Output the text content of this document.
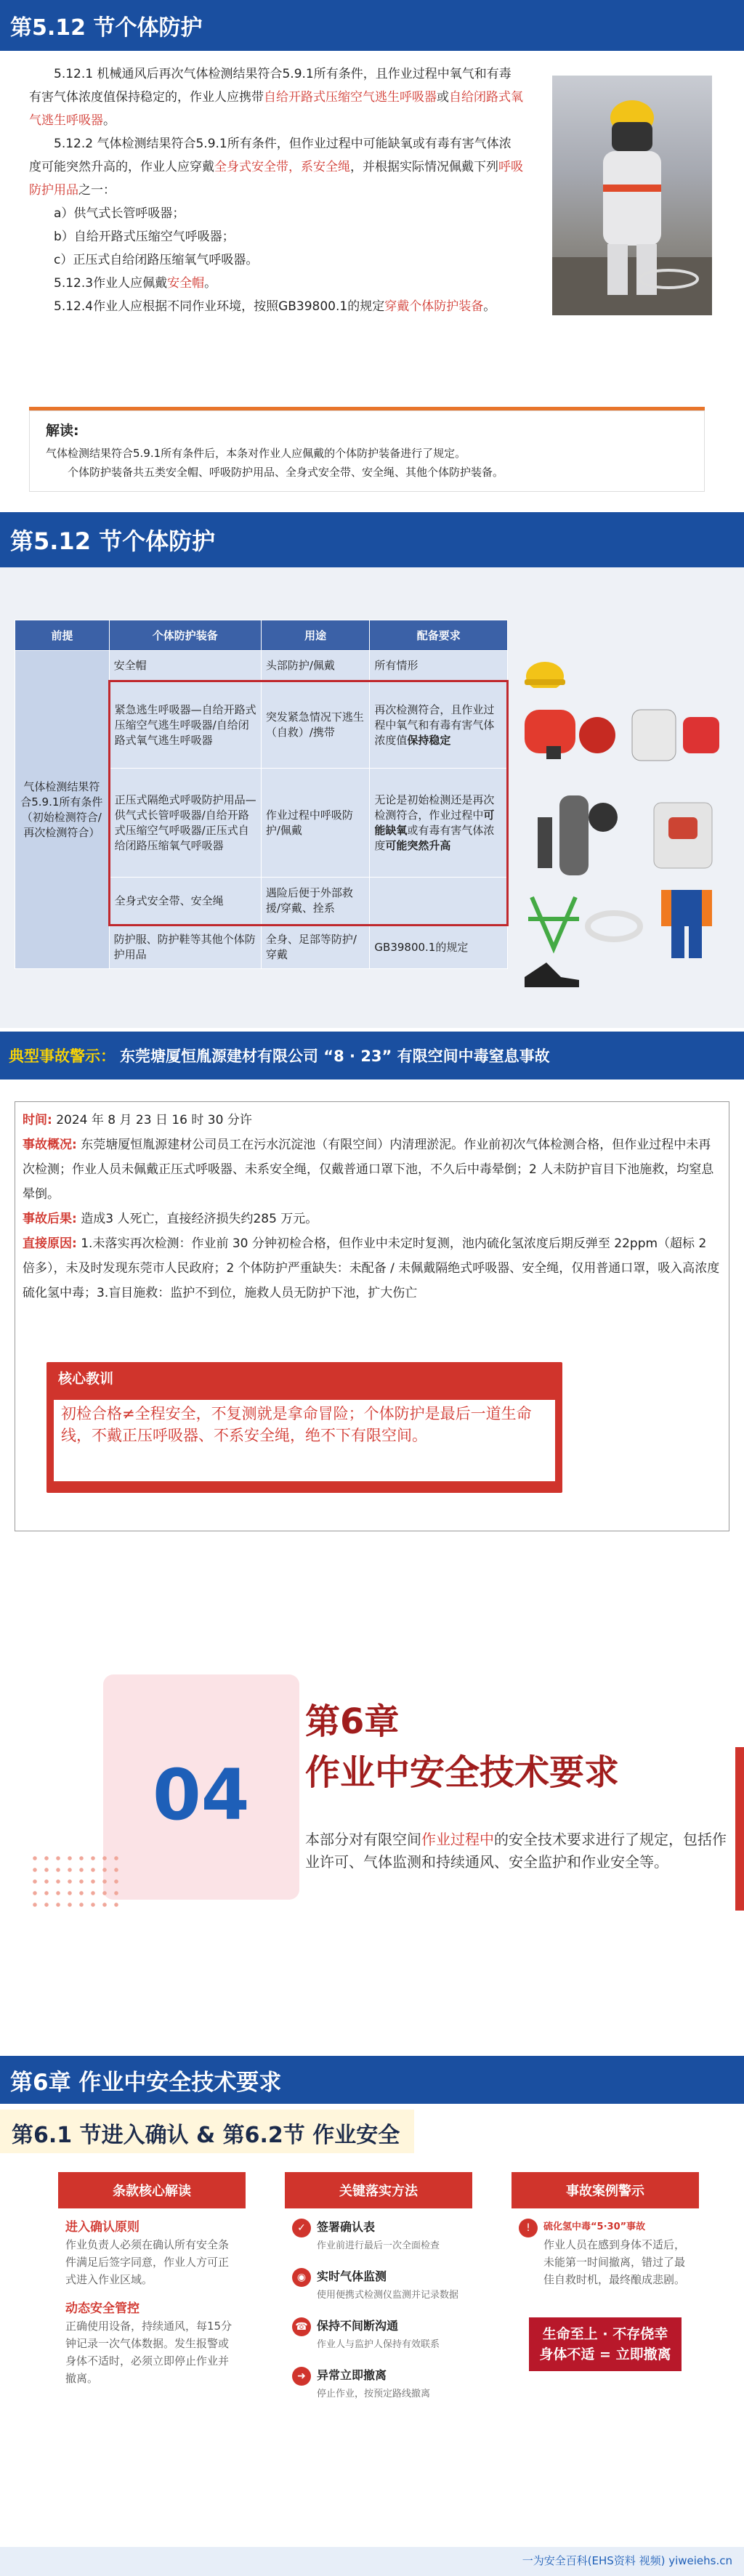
第5.12 节个体防护

5.12.1 机械通风后再次气体检测结果符合5.9.1所有条件，且作业过程中氧气和有毒有害气体浓度值保持稳定的，作业人应携带自给开路式压缩空气逃生呼吸器或自给闭路式氧气逃生呼吸器。

5.12.2 气体检测结果符合5.9.1所有条件，但作业过程中可能缺氧或有毒有害气体浓度可能突然升高的，作业人应穿戴全身式安全带，系安全绳，并根据实际情况佩戴下列呼吸防护用品之一：

a）供气式长管呼吸器；

b）自给开路式压缩空气呼吸器；

c）正压式自给闭路压缩氧气呼吸器。

5.12.3作业人应佩戴安全帽。

5.12.4作业人应根据不同作业环境，按照GB39800.1的规定穿戴个体防护装备。

解读:
气体检测结果符合5.9.1所有条件后，本条对作业人应佩戴的个体防护装备进行了规定。
个体防护装备共五类安全帽、呼吸防护用品、全身式安全带、安全绳、其他个体防护装备。
第5.12 节个体防护
前提	个体防护装备	用途	配备要求
气体检测结果符合5.9.1所有条件（初始检测符合/再次检测符合）	安全帽	头部防护/佩戴	所有情形
	紧急逃生呼吸器—自给开路式压缩空气逃生呼吸器/自给闭路式氧气逃生呼吸器	突发紧急情况下逃生（自救）/携带	再次检测符合，且作业过程中氧气和有毒有害气体浓度值保持稳定
	正压式隔绝式呼吸防护用品—供气式长管呼吸器/自给开路式压缩空气呼吸器/正压式自给闭路压缩氧气呼吸器	作业过程中呼吸防护/佩戴	无论是初始检测还是再次检测符合，作业过程中可能缺氧或有毒有害气体浓度可能突然升高
	全身式安全带、安全绳	遇险后便于外部救援/穿戴、拴系	
	防护服、防护鞋等其他个体防护用品	全身、足部等防护/穿戴	GB39800.1的规定
典型事故警示： 东莞塘厦恒胤源建材有限公司 “8 · 23” 有限空间中毒窒息事故

时间: 2024 年 8 月 23 日 16 时 30 分许

事故概况: 东莞塘厦恒胤源建材公司员工在污水沉淀池（有限空间）内清理淤泥。作业前初次气体检测合格，但作业过程中未再次检测；作业人员未佩戴正压式呼吸器、未系安全绳，仅戴普通口罩下池，不久后中毒晕倒；2 人未防护盲目下池施救，均窒息晕倒。

事故后果: 造成3 人死亡，直接经济损失约285 万元。

直接原因: 1.未落实再次检测：作业前 30 分钟初检合格，但作业中未定时复测，池内硫化氢浓度后期反弹至 22ppm（超标 2 倍多），未及时发现东莞市人民政府；2 个体防护严重缺失：未配备 / 未佩戴隔绝式呼吸器、安全绳，仅用普通口罩，吸入高浓度硫化氢中毒；3.盲目施救：监护不到位，施救人员无防护下池，扩大伤亡

核心教训
初检合格≠全程安全，不复测就是拿命冒险；个体防护是最后一道生命线，不戴正压呼吸器、不系安全绳，绝不下有限空间。
04
第6章
作业中安全技术要求
本部分对有限空间作业过程中的安全技术要求进行了规定，包括作业许可、气体监测和持续通风、安全监护和作业安全等。
第6章 作业中安全技术要求
第6.1 节进入确认 & 第6.2节 作业安全
条款核心解读
进入确认原则
作业负责人必须在确认所有安全条件满足后签字同意，作业人方可正式进入作业区域。
动态安全管控
正确使用设备，持续通风，每15分钟记录一次气体数据。发生报警或身体不适时，必须立即停止作业并撤离。
关键落实方法
✓ 签署确认表
作业前进行最后一次全面检查
◉ 实时气体监测
使用便携式检测仪监测并记录数据
☎ 保持不间断沟通
作业人与监护人保持有效联系
➜ 异常立即撤离
停止作业，按预定路线撤离
事故案例警示
!	硫化氢中毒“5·30”事故
作业人员在感到身体不适后，未能第一时间撤离，错过了最佳自救时机，最终酿成悲剧。
生命至上 · 不存侥幸
身体不适 = 立即撤离
一为安全百科(EHS资料 视频) yiweiehs.cn
